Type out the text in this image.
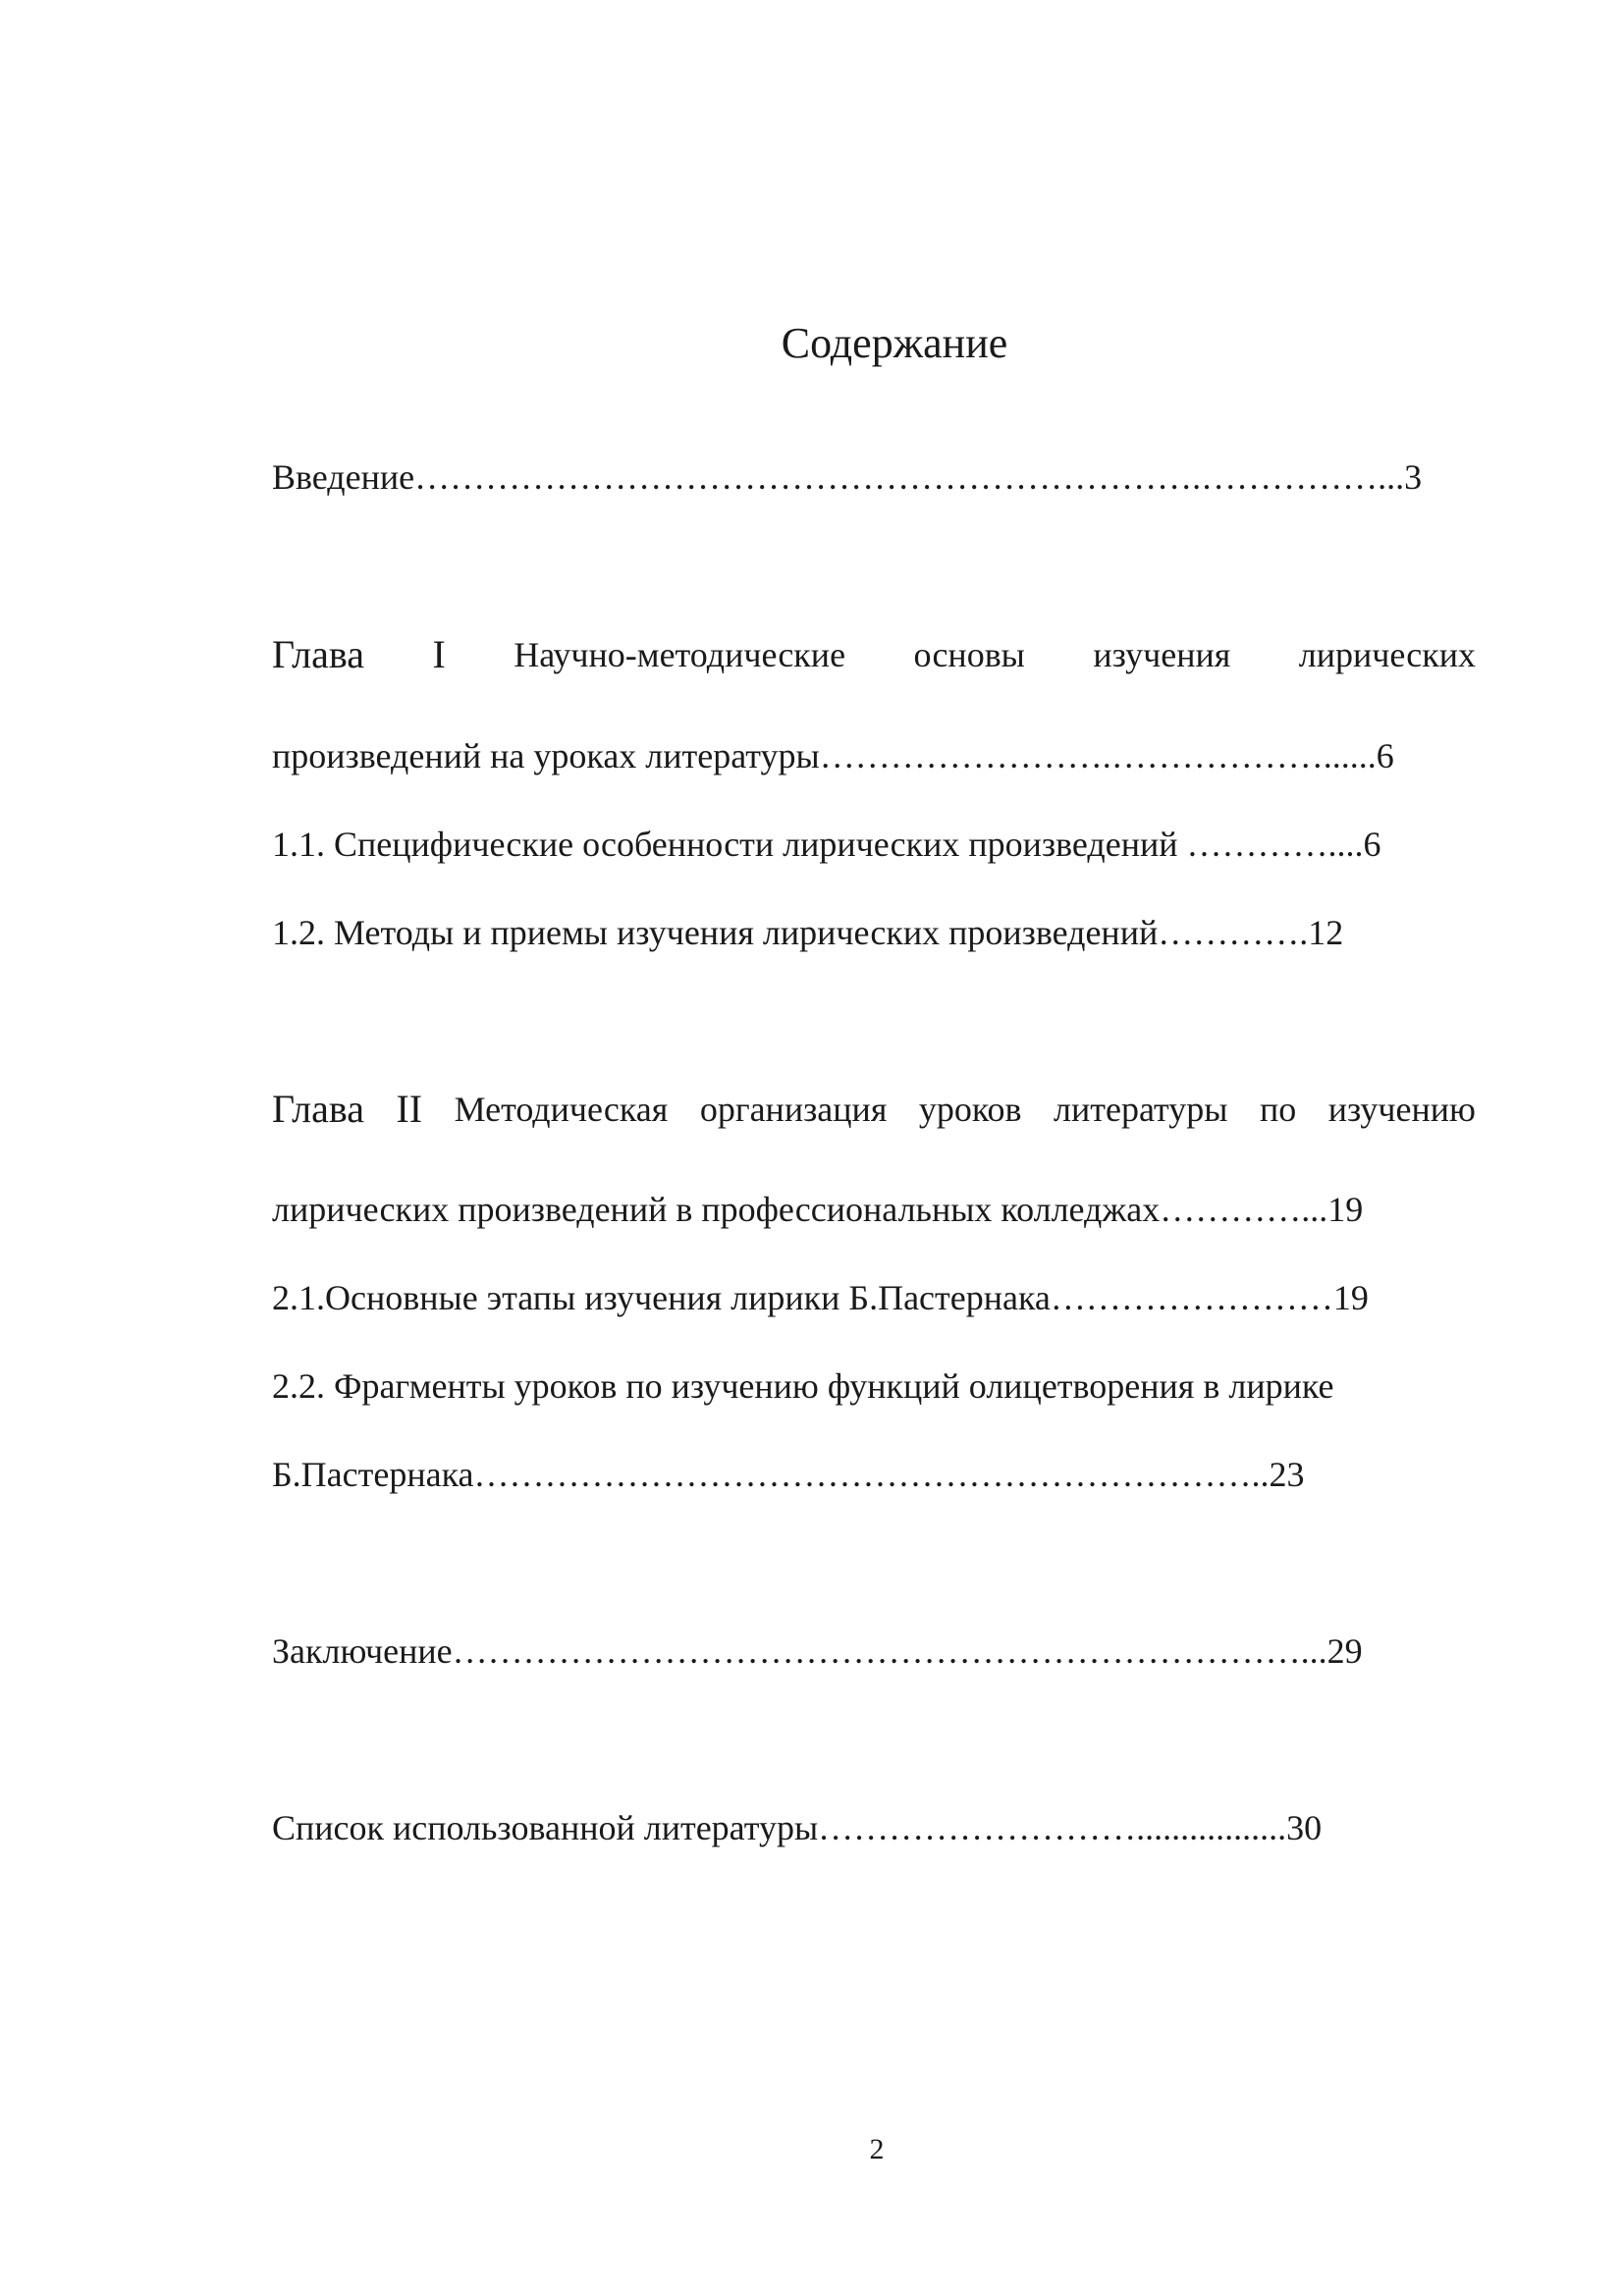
Содержание
Введение………………………………………………………….……………...3
Глава I Научно-методические основы изучения лирических
произведений на уроках литературы…………………….………………......6
1.1. Специфические особенности лирических произведений …………....6
1.2. Методы и приемы изучения лирических произведений………….12
Глава II Методическая организация уроков литературы по изучению
лирических произведений в профессиональных колледжах…………...19
2.1.Основные этапы изучения лирики Б.Пастернака……………………19
2.2. Фрагменты уроков по изучению функций олицетворения в лирике
Б.Пастернака…………………………………………………………..23
Заключение………………………………………………………………...29
Список использованной литературы……………………….................30
2
